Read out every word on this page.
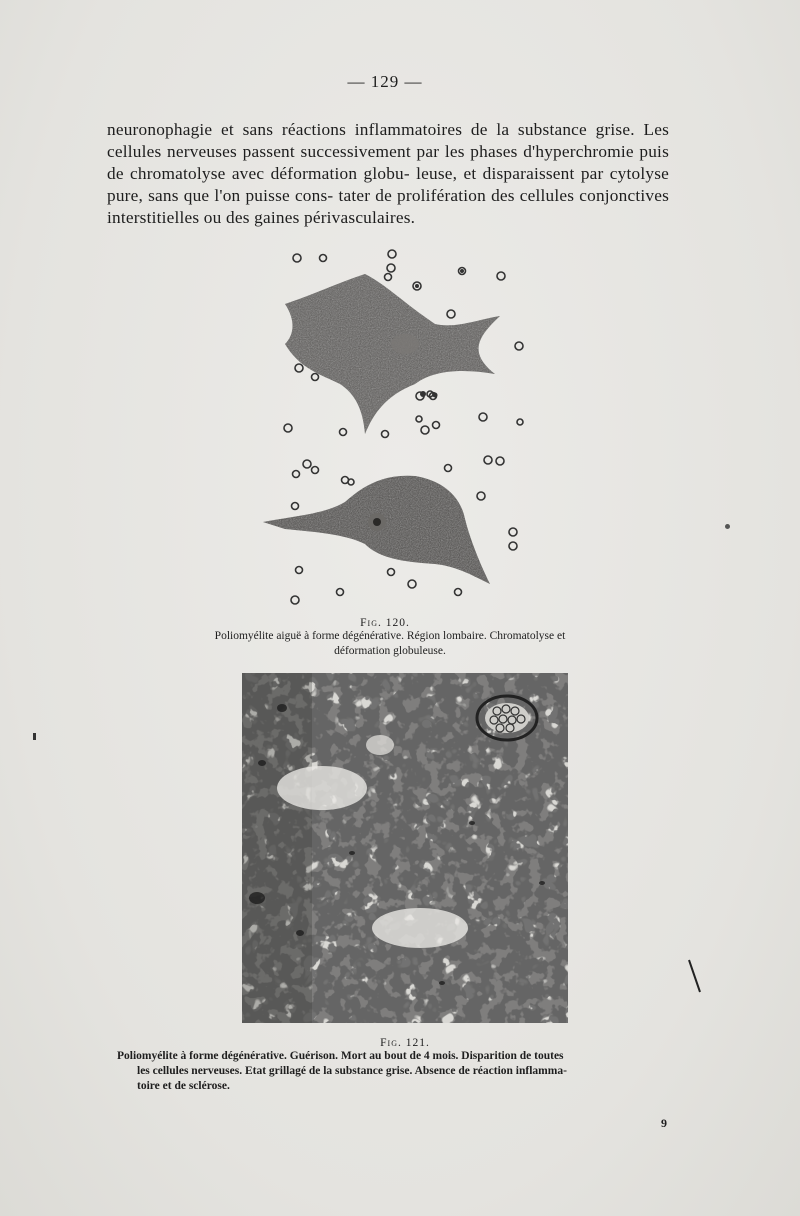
— 129 —

neuronophagie et sans réactions inflammatoires de la substance grise. Les cellules nerveuses passent successivement par les phases d'hyperchromie puis de chromatolyse avec déformation globu- leuse, et disparaissent par cytolyse pure, sans que l'on puisse cons- tater de prolifération des cellules conjonctives interstitielles ou des gaines périvasculaires.

Fig. 120.
Poliomyélite aiguë à forme dégénérative. Région lombaire. Chromatolyse et déformation globuleuse.
Fig. 121.
Poliomyélite à forme dégénérative. Guérison. Mort au bout de 4 mois. Disparition de toutes
les cellules nerveuses. Etat grillagé de la substance grise. Absence de réaction inflamma-
toire et de sclérose.
9
